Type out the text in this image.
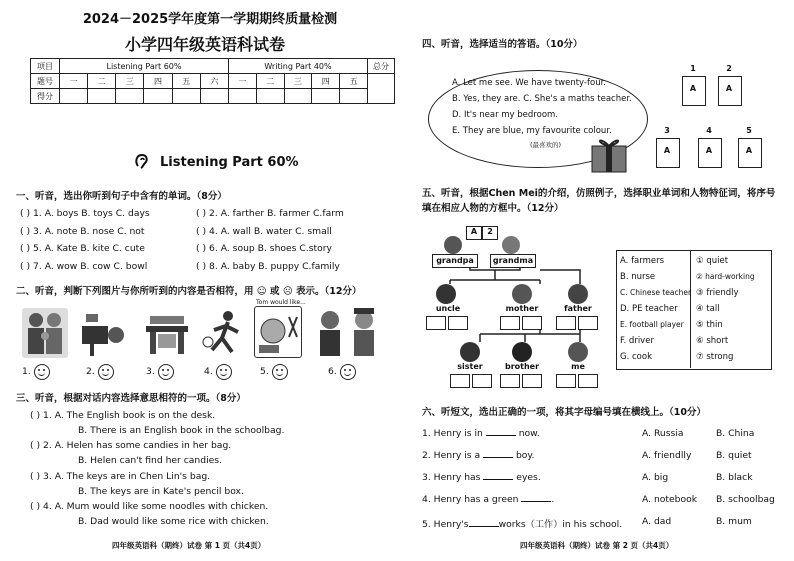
2024－2025学年度第一学期期终质量检测
小学四年级英语科试卷
项目	Listening Part 60%						Writing Part 40%					总分
题号	一	二	三	四	五	六	一	二	三	四	五	
得分												
Listening Part 60%
一、听音，选出你听到句子中含有的单词。（8分）
( ) 1. A. boys B. toys C. days	( ) 2. A. farther B. farmer C.farm
( ) 3. A. note B. nose C. not	( ) 4. A. wall B. water C. small
( ) 5. A. Kate B. kite C. cute	( ) 6. A. soup B. shoes C.story
( ) 7. A. wow B. cow C. bowl	( ) 8. A. baby B. puppy C.family
二、听音，判断下列图片与你所听到的内容是否相符，用 ☺ 或 ☹ 表示。（12分）
Tom would like...
1.	2.	3.	4.	5.	6.
三、听音，根据对话内容选择意思相符的一项。（8分）
( ) 1. A. The English book is on the desk.
B. There is an English book in the schoolbag.
( ) 2. A. Helen has some candies in her bag.
B. Helen can't find her candies.
( ) 3. A. The keys are in Chen Lin's bag.
B. The keys are in Kate's pencil box.
( ) 4. A. Mum would like some noodles with chicken.
B. Dad would like some rice with chicken.
四年级英语科（期终）试卷 第 1 页（共4页）
四、听音，选择适当的答语。（10分）
A. Let me see. We have twenty-four.
B. Yes, they are. C. She's a maths teacher.
D. It's near my bedroom.
E. They are blue, my favourite colour.
(最喜欢的)
1
A
2
A
3
A
4
A
5
A
五、听音，根据Chen Mei的介绍，仿照例子，选择职业单词和人物特征词，将序号填在相应人物的方框中。（12分）
A	2
grandpa	grandma
uncle	mother	father
sister	brother	me
A. farmers
B. nurse
C. Chinese teacher
D. PE teacher
E. football player
F. driver
G. cook
① quiet
② hard-working
③ friendly
④ tall
⑤ thin
⑥ short
⑦ strong
六、听短文，选出正确的一项，将其字母编号填在横线上。（10分）
1. Henry is in	now.	A. Russia	B. China
2. Henry is a	boy.	A. friendlly	B. quiet
3. Henry has	eyes.	A. big	B. black
4. Henry has a green	.	A. notebook B. schoolbag
5. Henry's	works（工作）in his school. A. dad	B. mum
四年级英语科（期终）试卷 第 2 页（共4页）
